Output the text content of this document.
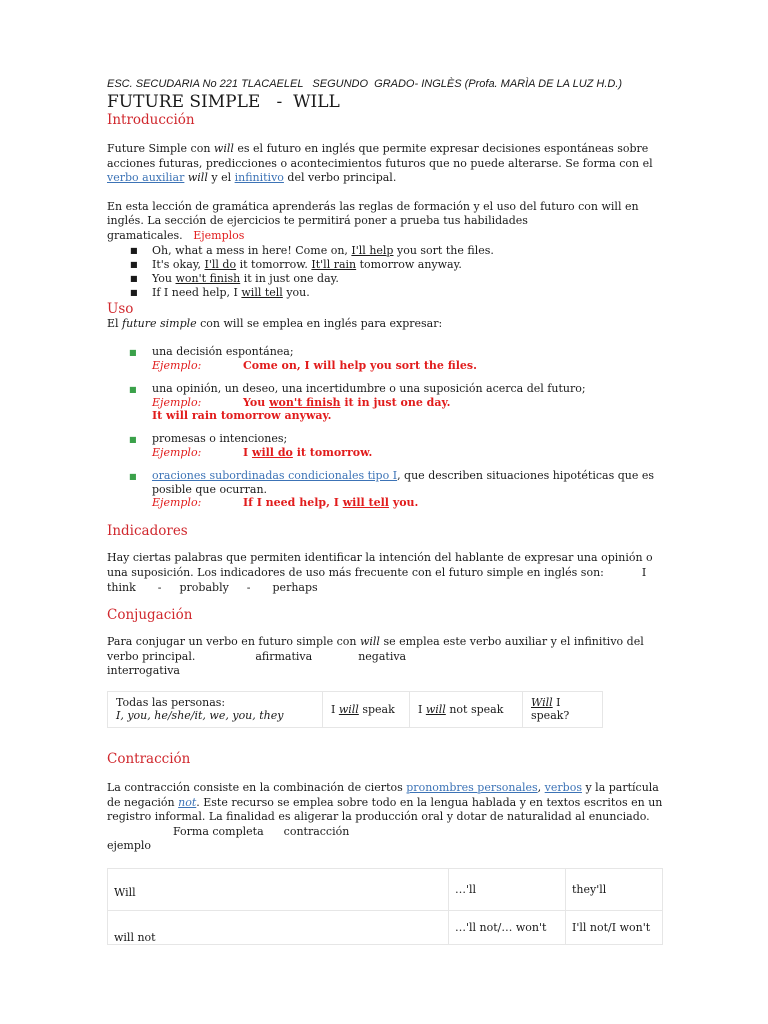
ESC. SECUDARIA No 221 TLACAELEL   SEGUNDO  GRADO- INGLÈS (Profa. MARÌA DE LA LUZ H.D.)
FUTURE SIMPLE   -  WILL
Introducción

Future Simple con will es el futuro en inglés que permite expresar decisiones espontáneas sobre acciones futuras, predicciones o acontecimientos futuros que no puede alterarse. Se forma con el verbo auxiliar will y el infinitivo del verbo principal.

En esta lección de gramática aprenderás las reglas de formación y el uso del futuro con will en inglés. La sección de ejercicios te permitirá poner a prueba tus habilidades gramaticales. Ejemplos

■ Oh, what a mess in here! Come on, I'll help you sort the files.
■ It's okay, I'll do it tomorrow. It'll rain tomorrow anyway.
■ You won't finish it in just one day.
■ If I need help, I will tell you.
Uso

El future simple con will se emplea en inglés para expresar:

■ una decisión espontánea;
Ejemplo:	Come on, I will help you sort the files.
■ una opinión, un deseo, una incertidumbre o una suposición acerca del futuro;
Ejemplo:	You won't finish it in just one day.
It will rain tomorrow anyway.
■ promesas o intenciones;
Ejemplo:	I will do it tomorrow.
■ oraciones subordinadas condicionales tipo I, que describen situaciones hipotéticas que es posible que ocurran.
Ejemplo:	If I need help, I will tell you.
Indicadores

Hay ciertas palabras que permiten identificar la intención del hablante de expresar una opinión o una suposición. Los indicadores de uso más frecuente con el futuro simple en inglés son:	I think - probably - perhaps

Conjugación

Para conjugar un verbo en futuro simple con will se emplea este verbo auxiliar y el infinitivo del verbo principal.	afirmativa	negativa
interrogativa

Todas las personas:
I, you, he/she/it, we, you, they	I will speak	I will not speak	Will I speak?
Contracción

La contracción consiste en la combinación de ciertos pronombres personales, verbos y la partícula de negación not. Este recurso se emplea sobre todo en la lengua hablada y en textos escritos en un registro informal. La finalidad es aligerar la producción oral y dotar de naturalidad al enunciado.Forma completa contracción
ejemplo

Will	…'ll	they'll
will not	…'ll not/… won't	I'll not/I won't
